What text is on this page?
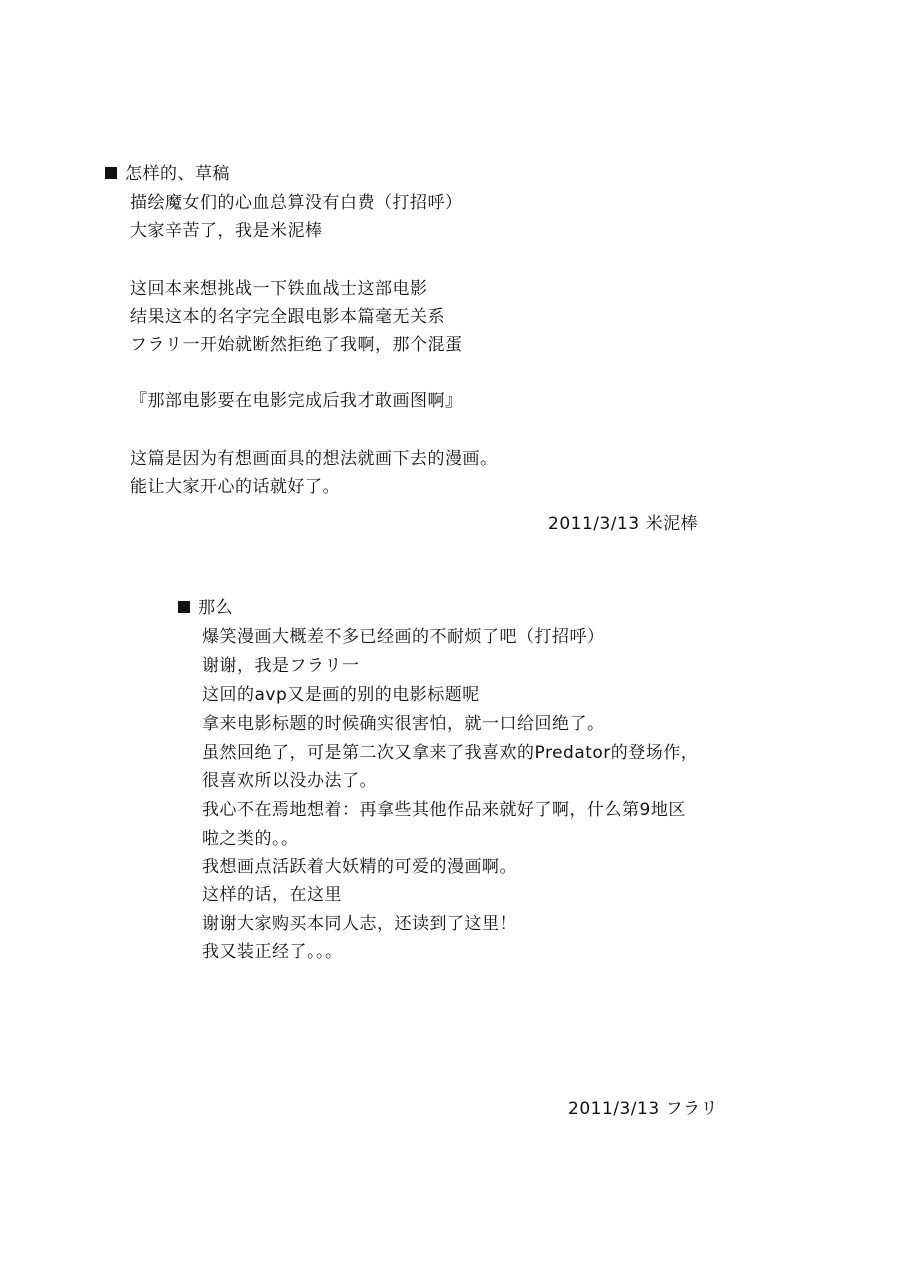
怎样的、草稿
描绘魔女们的心血总算没有白费（打招呼）
大家辛苦了，我是米泥棒
这回本来想挑战一下铁血战士这部电影
结果这本的名字完全跟电影本篇毫无关系
フラリ一开始就断然拒绝了我啊，那个混蛋
『那部电影要在电影完成后我才敢画图啊』
这篇是因为有想画面具的想法就画下去的漫画。
能让大家开心的话就好了。
2011/3/13 米泥棒
那么
爆笑漫画大概差不多已经画的不耐烦了吧（打招呼）
谢谢，我是フラリ一
这回的avp又是画的别的电影标题呢
拿来电影标题的时候确实很害怕，就一口给回绝了。
虽然回绝了，可是第二次又拿来了我喜欢的Predator的登场作，
很喜欢所以没办法了。
我心不在焉地想着：再拿些其他作品来就好了啊，什么第9地区
啦之类的。。
我想画点活跃着大妖精的可爱的漫画啊。
这样的话，在这里
谢谢大家购买本同人志，还读到了这里！
我又装正经了。。。
2011/3/13 フラリ
